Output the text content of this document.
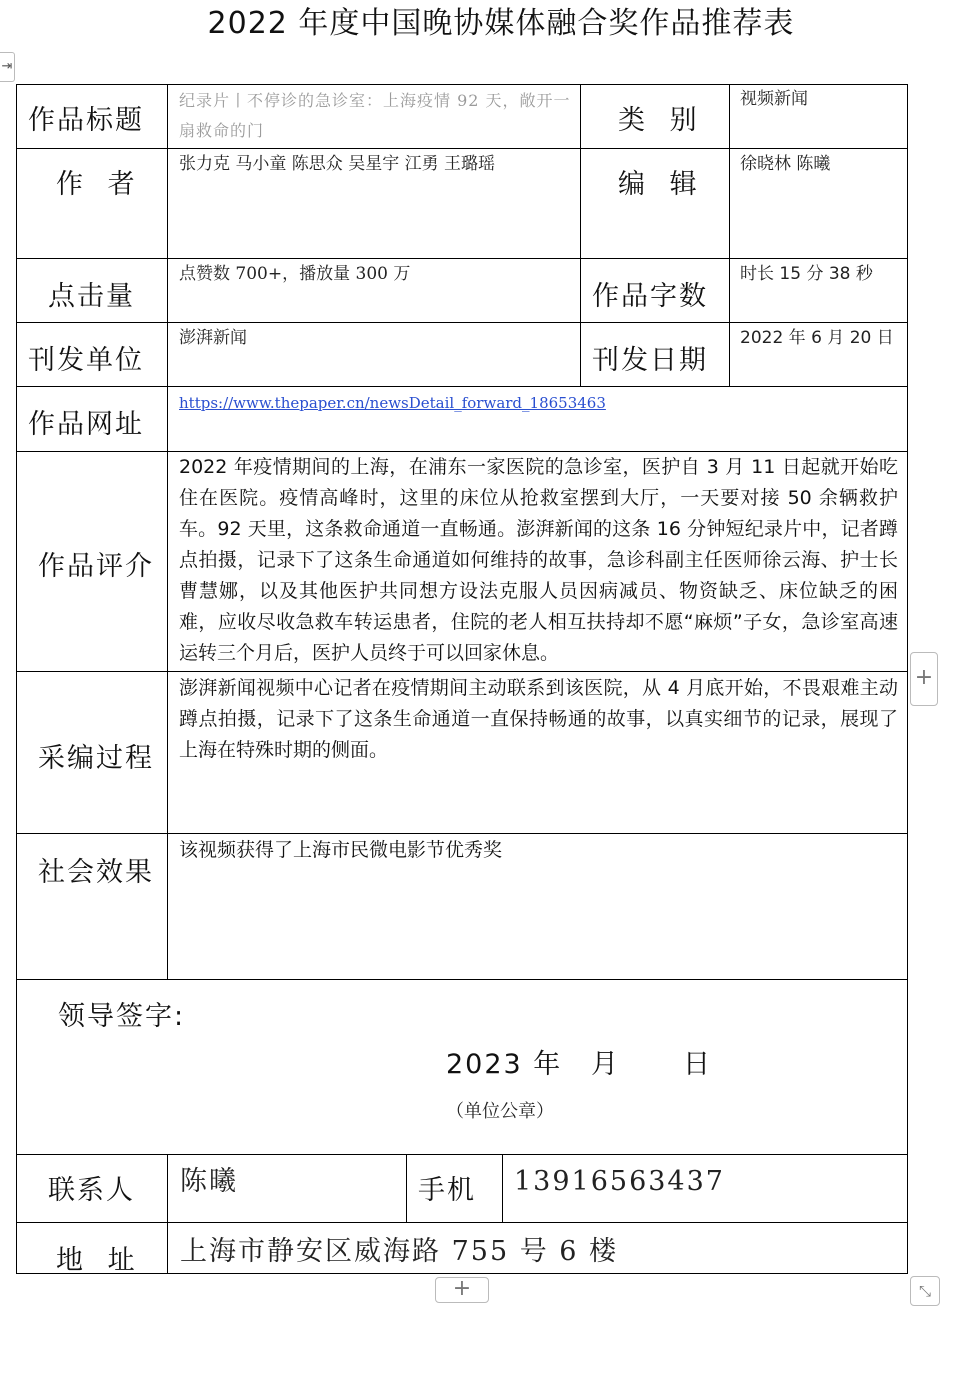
2022 年度中国晚协媒体融合奖作品推荐表
⇥
作品标题
纪录片丨不停诊的急诊室：上海疫情 92 天，敞开一扇救命的门	类 别
视频新闻
作 者
张力克 马小童 陈思众 吴星宇 江勇 王璐瑶
编 辑
徐晓林 陈曦
点击量
点赞数 700+，播放量 300 万
作品字数
时长 15 分 38 秒
刊发单位
澎湃新闻
刊发日期
2022 年 6 月 20 日
作品网址
https://www.thepaper.cn/newsDetail_forward_18653463
作品评介
2022 年疫情期间的上海，在浦东一家医院的急诊室，医护自 3 月 11 日起就开始吃住在医院。疫情高峰时，这里的床位从抢救室摆到大厅，一天要对接 50 余辆救护车。92 天里，这条救命通道一直畅通。澎湃新闻的这条 16 分钟短纪录片中，记者蹲点拍摄，记录下了这条生命通道如何维持的故事，急诊科副主任医师徐云海、护士长曹慧娜，以及其他医护共同想方设法克服人员因病减员、物资缺乏、床位缺乏的困难，应收尽收急救车转运患者，住院的老人相互扶持却不愿“麻烦”子女，急诊室高速运转三个月后，医护人员终于可以回家休息。
采编过程
澎湃新闻视频中心记者在疫情期间主动联系到该医院，从 4 月底开始，不畏艰难主动蹲点拍摄，记录下了这条生命通道一直保持畅通的故事，以真实细节的记录，展现了上海在特殊时期的侧面。
社会效果
该视频获得了上海市民微电影节优秀奖
领导签字:
2023 年 月 日
（单位公章）
联系人 陈曦	手机 13916563437
地 址 上海市静安区威海路 755 号 6 楼
+
+	⤡
